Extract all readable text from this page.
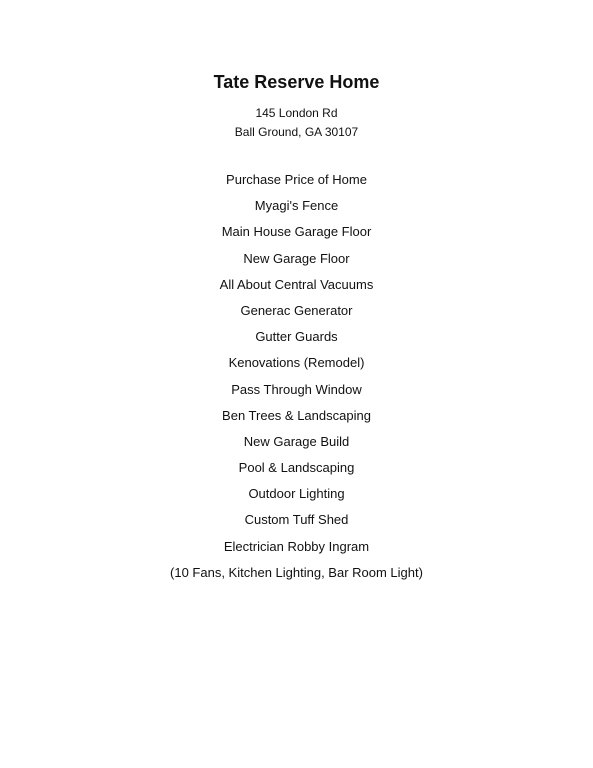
Tate Reserve Home
145 London Rd
Ball Ground, GA 30107
Purchase Price of Home
Myagi's Fence
Main House Garage Floor
New Garage Floor
All About Central Vacuums
Generac Generator
Gutter Guards
Kenovations (Remodel)
Pass Through Window
Ben Trees & Landscaping
New Garage Build
Pool & Landscaping
Outdoor Lighting
Custom Tuff Shed
Electrician Robby Ingram
(10 Fans, Kitchen Lighting, Bar Room Light)
